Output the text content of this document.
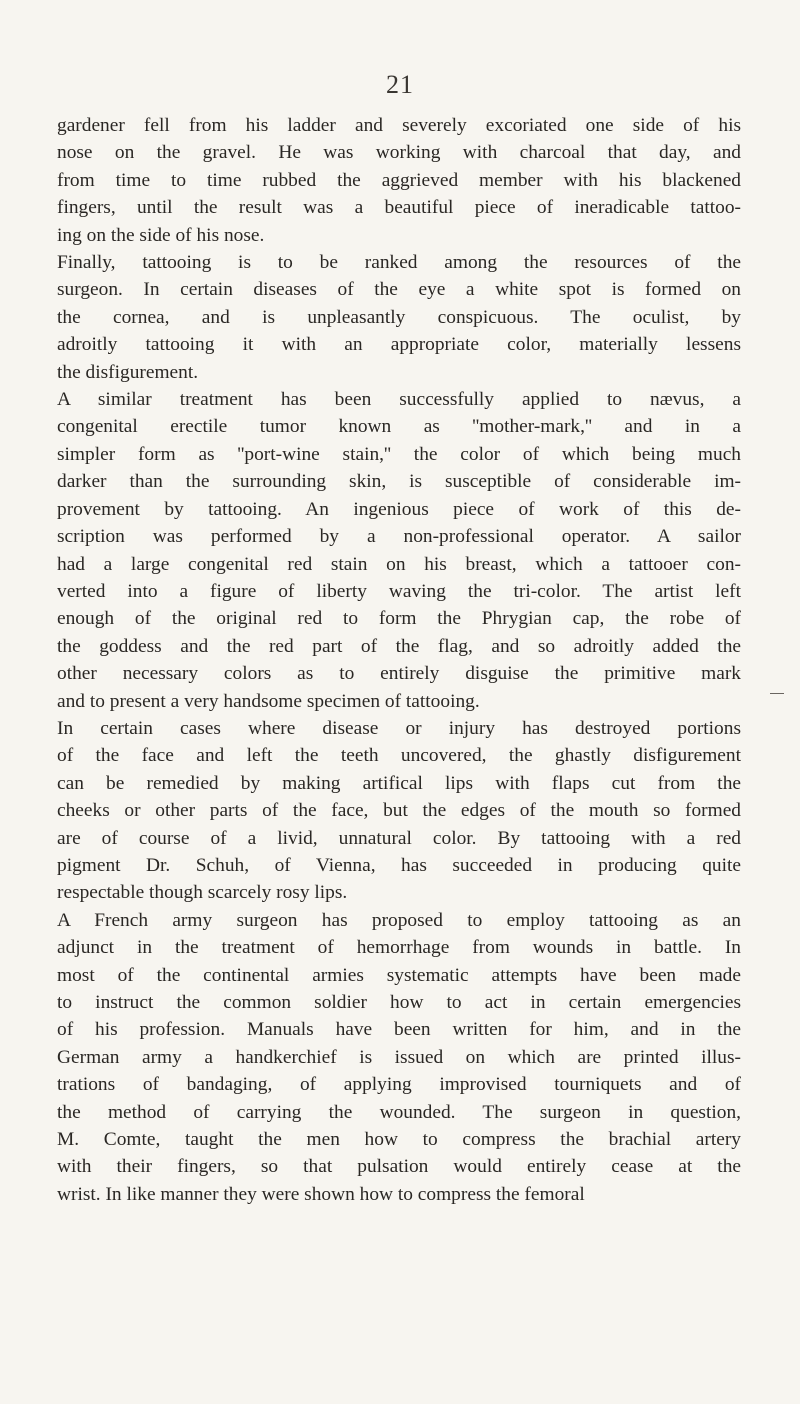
21
gardener fell from his ladder and severely excoriated one side of his
nose on the gravel. He was working with charcoal that day, and
from time to time rubbed the aggrieved member with his blackened
fingers, until the result was a beautiful piece of ineradicable tattoo-
ing on the side of his nose.
Finally, tattooing is to be ranked among the resources of the
surgeon. In certain diseases of the eye a white spot is formed on
the cornea, and is unpleasantly conspicuous. The oculist, by
adroitly tattooing it with an appropriate color, materially lessens
the disfigurement.
A similar treatment has been successfully applied to nævus, a
congenital erectile tumor known as ''mother-mark,'' and in a
simpler form as ''port-wine stain,'' the color of which being much
darker than the surrounding skin, is susceptible of considerable im-
provement by tattooing. An ingenious piece of work of this de-
scription was performed by a non-professional operator. A sailor
had a large congenital red stain on his breast, which a tattooer con-
verted into a figure of liberty waving the tri-color. The artist left
enough of the original red to form the Phrygian cap, the robe of
the goddess and the red part of the flag, and so adroitly added the
other necessary colors as to entirely disguise the primitive mark
and to present a very handsome specimen of tattooing.
In certain cases where disease or injury has destroyed portions
of the face and left the teeth uncovered, the ghastly disfigurement
can be remedied by making artifical lips with flaps cut from the
cheeks or other parts of the face, but the edges of the mouth so formed
are of course of a livid, unnatural color. By tattooing with a red
pigment Dr. Schuh, of Vienna, has succeeded in producing quite
respectable though scarcely rosy lips.
A French army surgeon has proposed to employ tattooing as an
adjunct in the treatment of hemorrhage from wounds in battle. In
most of the continental armies systematic attempts have been made
to instruct the common soldier how to act in certain emergencies
of his profession. Manuals have been written for him, and in the
German army a handkerchief is issued on which are printed illus-
trations of bandaging, of applying improvised tourniquets and of
the method of carrying the wounded. The surgeon in question,
M. Comte, taught the men how to compress the brachial artery
with their fingers, so that pulsation would entirely cease at the
wrist. In like manner they were shown how to compress the femoral
